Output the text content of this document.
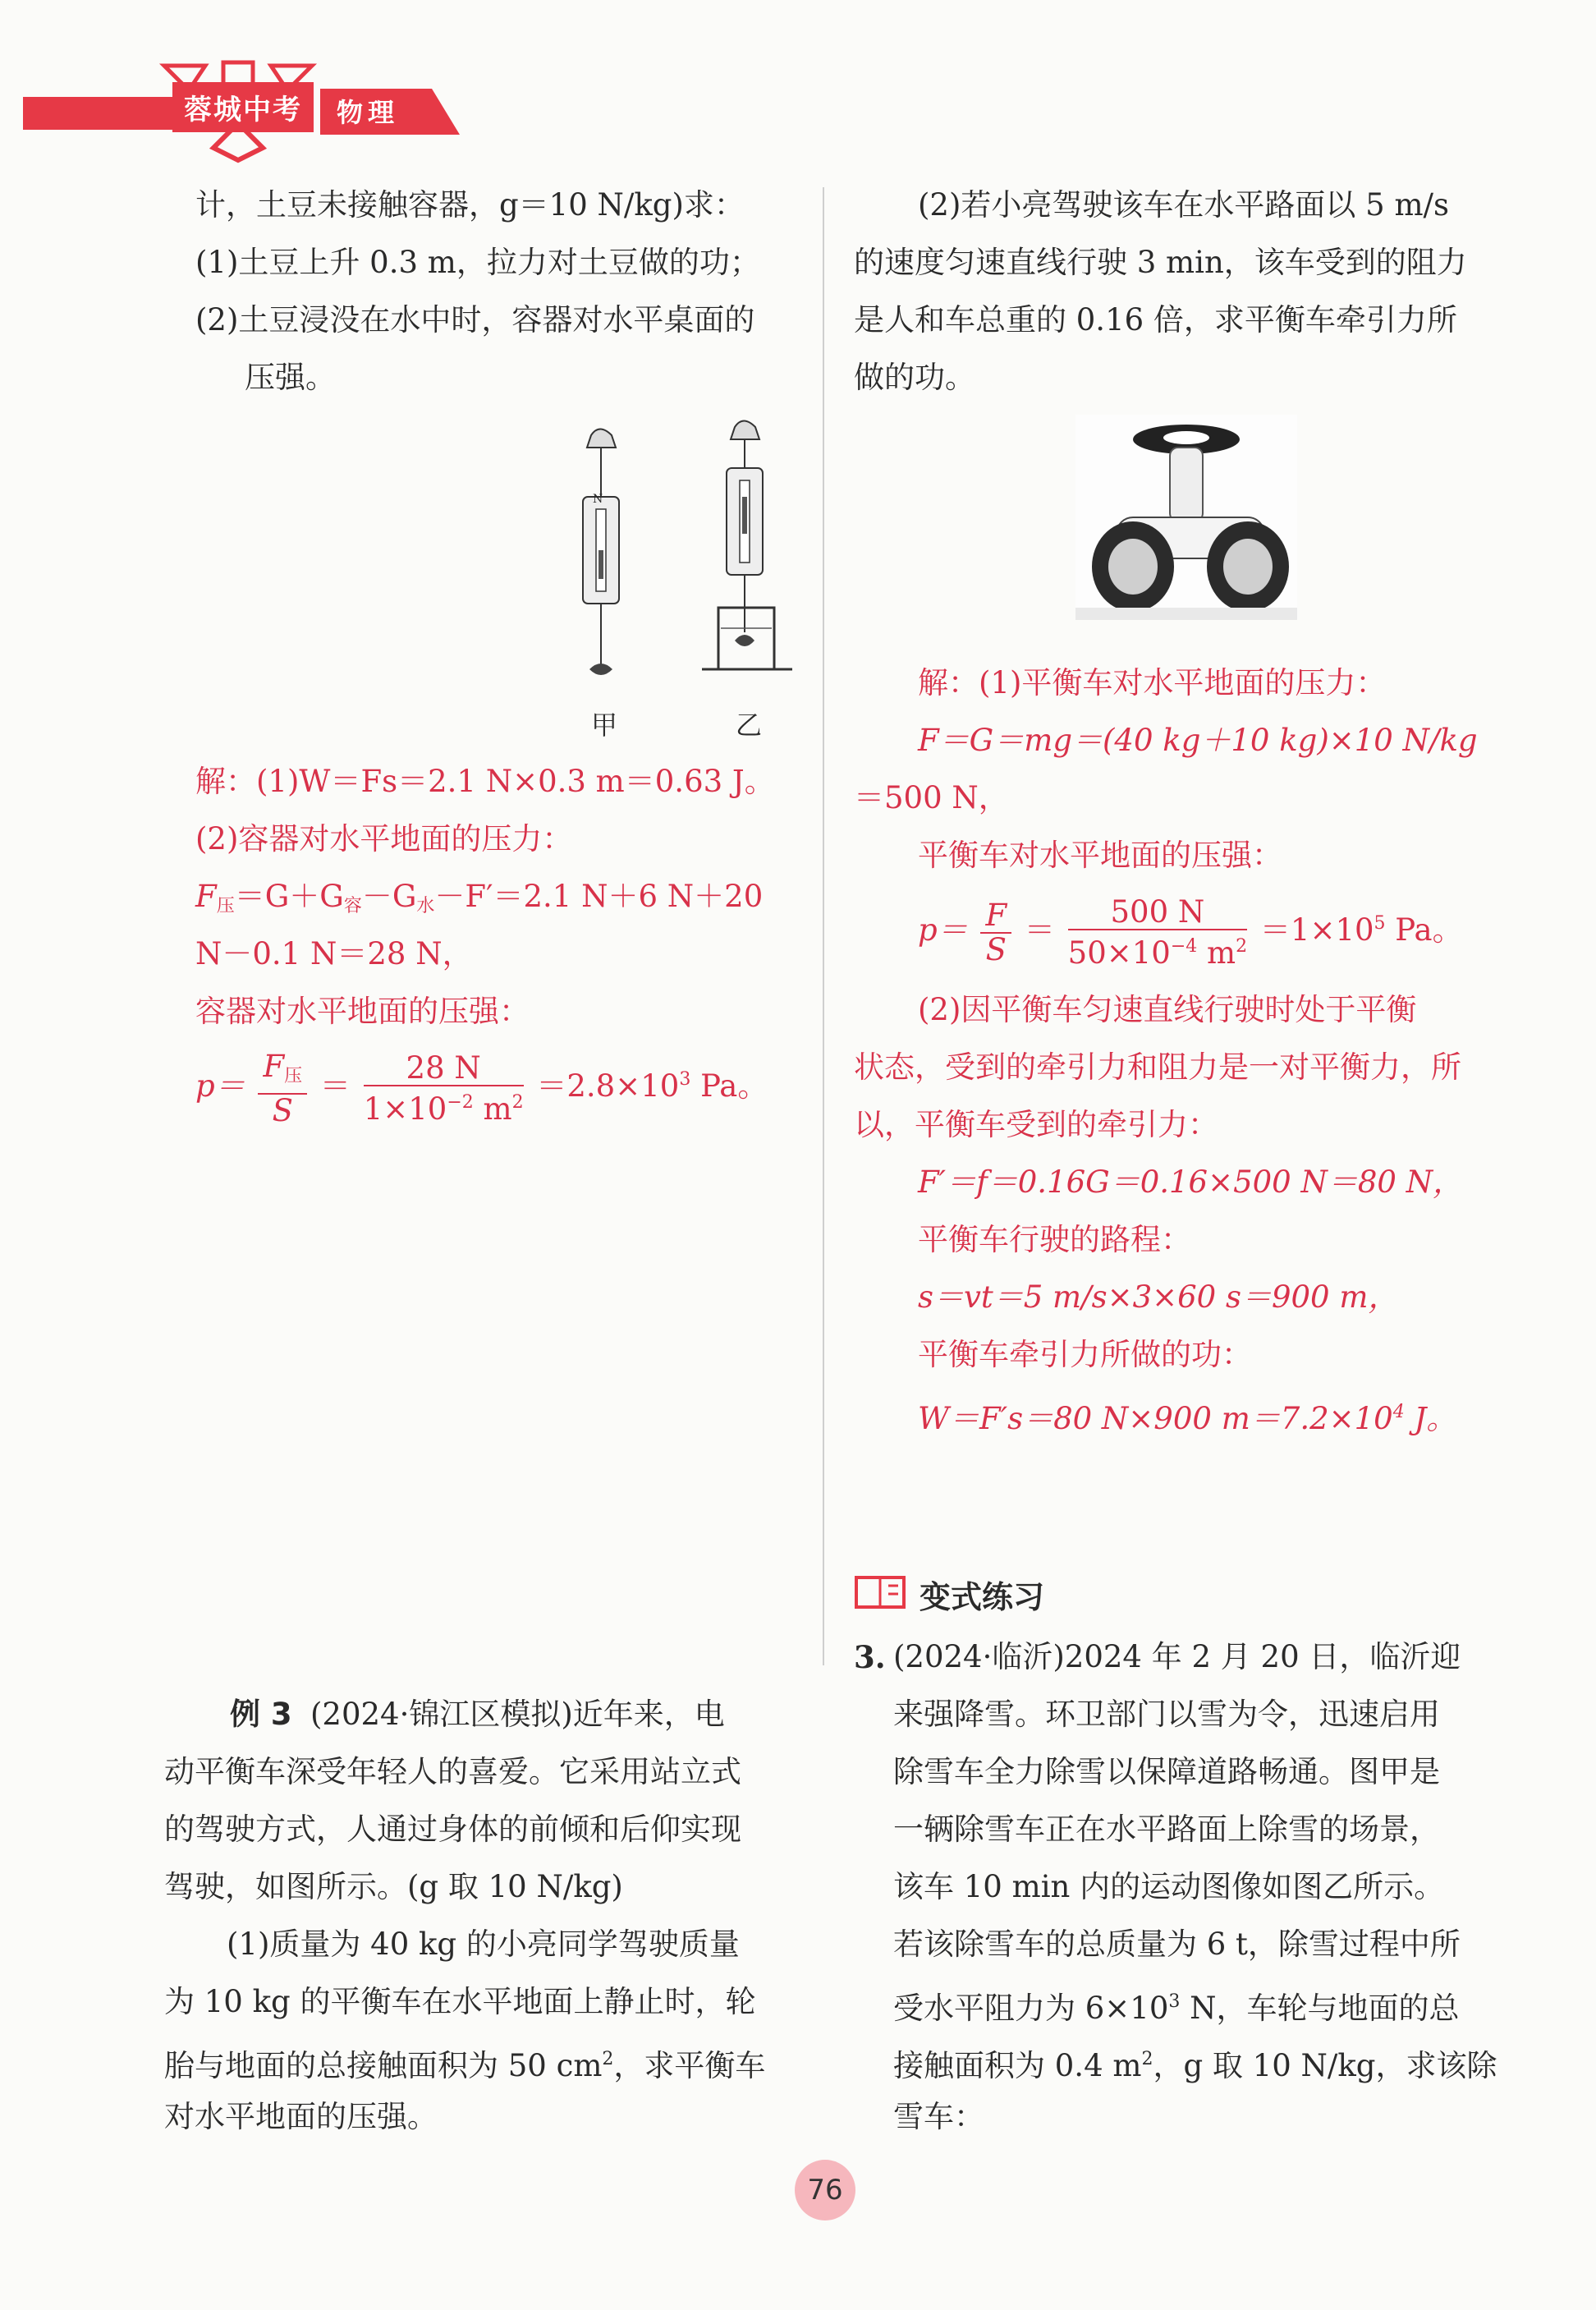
蓉城中考	物理
计，土豆未接触容器，g＝10 N/kg)求：
(1)土豆上升 0.3 m，拉力对土豆做的功；
(2)土豆浸没在水中时，容器对水平桌面的
压强。
N
甲	乙
解：(1)W＝Fs＝2.1 N×0.3 m＝0.63 J。
(2)容器对水平地面的压力：
$F_压=G+G_容-G_水-F'=2.1$ N＋6 N＋20
N－0.1 N＝28 N，
容器对水平地面的压强：
$p= \frac{F_压}{S} = \frac{28 N}{1\times 10^{-2} m^2} =2.8\times 10^3$ Pa。
(2)若小亮驾驶该车在水平路面以 5 m/s
的速度匀速直线行驶 3 min，该车受到的阻力
是人和车总重的 0.16 倍，求平衡车牵引力所
做的功。
解：(1)平衡车对水平地面的压力：
F＝G＝mg＝(40 kg＋10 kg)×10 N/kg
＝500 N，
平衡车对水平地面的压强：
$p= \frac{F}{S} = \frac{500 N}{50\times 10^{-4} m^2} =1\times 10^5$ Pa。
(2)因平衡车匀速直线行驶时处于平衡
状态，受到的牵引力和阻力是一对平衡力，所
以，平衡车受到的牵引力：
F′＝f＝0.16G＝0.16×500 N＝80 N，
平衡车行驶的路程：
s＝vt＝5 m/s×3×60 s＝900 m，
平衡车牵引力所做的功：
W＝F′s＝80 N×900 $m=7.2\times 10^4$ J。
变式练习
3. (2024·临沂)2024 年 2 月 20 日，临沂迎
来强降雪。环卫部门以雪为令，迅速启用
除雪车全力除雪以保障道路畅通。图甲是
一辆除雪车正在水平路面上除雪的场景，
该车 10 min 内的运动图像如图乙所示。
若该除雪车的总质量为 6 t，除雪过程中所
受水平阻力为 $6\times 10^3$ N，车轮与地面的总
接触面积为 0.4 $m^2$，g 取 10 N/kg，求该除
雪车：
例 3 (2024·锦江区模拟)近年来，电
动平衡车深受年轻人的喜爱。它采用站立式
的驾驶方式，人通过身体的前倾和后仰实现
驾驶，如图所示。(g 取 10 N/kg)
(1)质量为 40 kg 的小亮同学驾驶质量
为 10 kg 的平衡车在水平地面上静止时，轮
胎与地面的总接触面积为 50 $cm^2$，求平衡车
对水平地面的压强。
76
